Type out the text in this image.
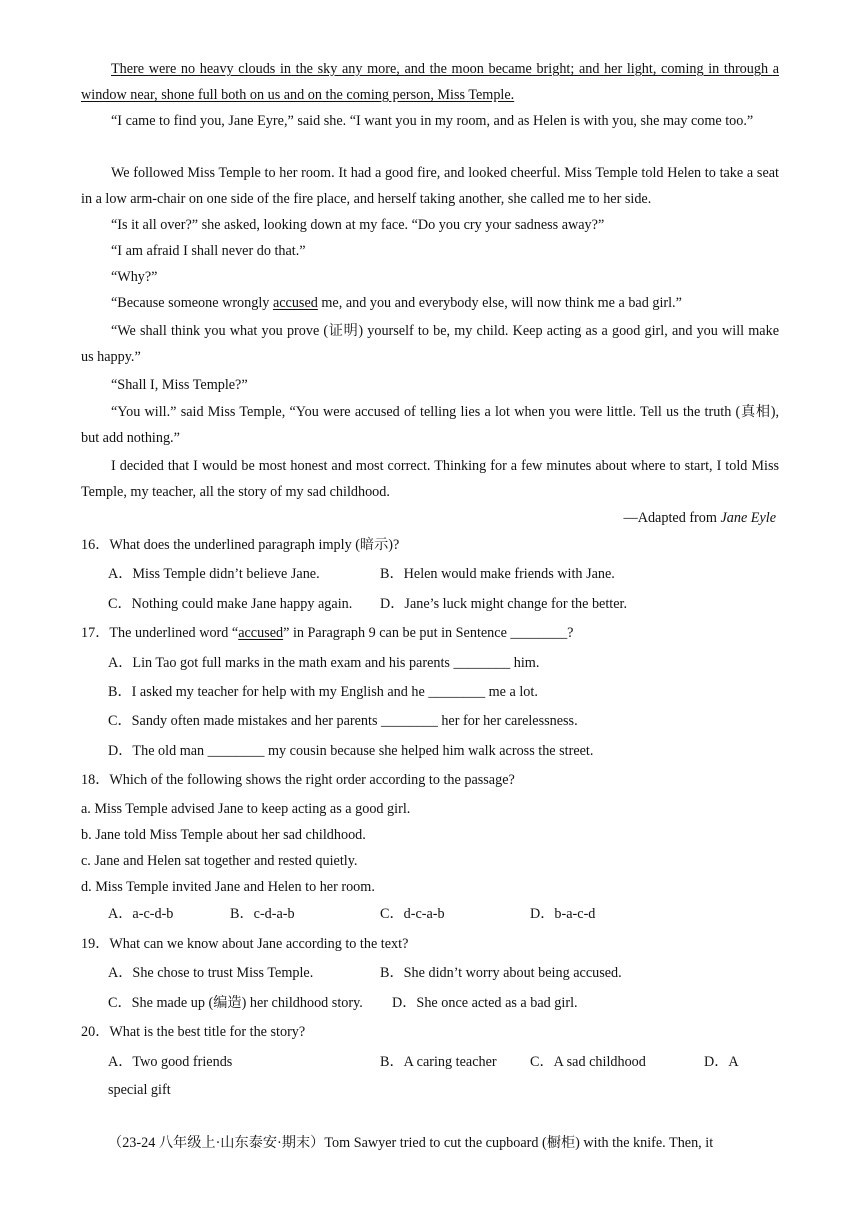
There were no heavy clouds in the sky any more, and the moon became bright; and her light, coming in through a window near, shone full both on us and on the coming person, Miss Temple.
“I came to find you, Jane Eyre,” said she. “I want you in my room, and as Helen is with you, she may come too.”
We followed Miss Temple to her room. It had a good fire, and looked cheerful. Miss Temple told Helen to take a seat in a low arm-chair on one side of the fire place, and herself taking another, she called me to her side.
“Is it all over?” she asked, looking down at my face. “Do you cry your sadness away?”
“I am afraid I shall never do that.”
“Why?”
“Because someone wrongly accused me, and you and everybody else, will now think me a bad girl.”
“We shall think you what you prove (证明) yourself to be, my child. Keep acting as a good girl, and you will make us happy.”
“Shall I, Miss Temple?”
“You will.” said Miss Temple, “You were accused of telling lies a lot when you were little. Tell us the truth (真相), but add nothing.”
I decided that I would be most honest and most correct. Thinking for a few minutes about where to start, I told Miss Temple, my teacher, all the story of my sad childhood.
—Adapted from Jane Eyle
16．What does the underlined paragraph imply (暗示)?
A．Miss Temple didn’t believe Jane.	B．Helen would make friends with Jane.
C．Nothing could make Jane happy again. D．Jane’s luck might change for the better.
17．The underlined word “accused” in Paragraph 9 can be put in Sentence ________?
A．Lin Tao got full marks in the math exam and his parents ________ him.
B．I asked my teacher for help with my English and he ________ me a lot.
C．Sandy often made mistakes and her parents ________ her for her carelessness.
D．The old man ________ my cousin because she helped him walk across the street.
18．Which of the following shows the right order according to the passage?
a. Miss Temple advised Jane to keep acting as a good girl.
b. Jane told Miss Temple about her sad childhood.
c. Jane and Helen sat together and rested quietly.
d. Miss Temple invited Jane and Helen to her room.
A．a-c-d-b	B．c-d-a-b	C．d-c-a-b	D．b-a-c-d
19．What can we know about Jane according to the text?
A．She chose to trust Miss Temple.	B．She didn’t worry about being accused.
C．She made up (编造) her childhood story. D．She once acted as a bad girl.
20．What is the best title for the story?
A．Two good friends	B．A caring teacher C．A sad childhood	D．A
special gift
（23-24 八年级上·山东泰安·期末）Tom Sawyer tried to cut the cupboard (橱柜) with the knife. Then, it
